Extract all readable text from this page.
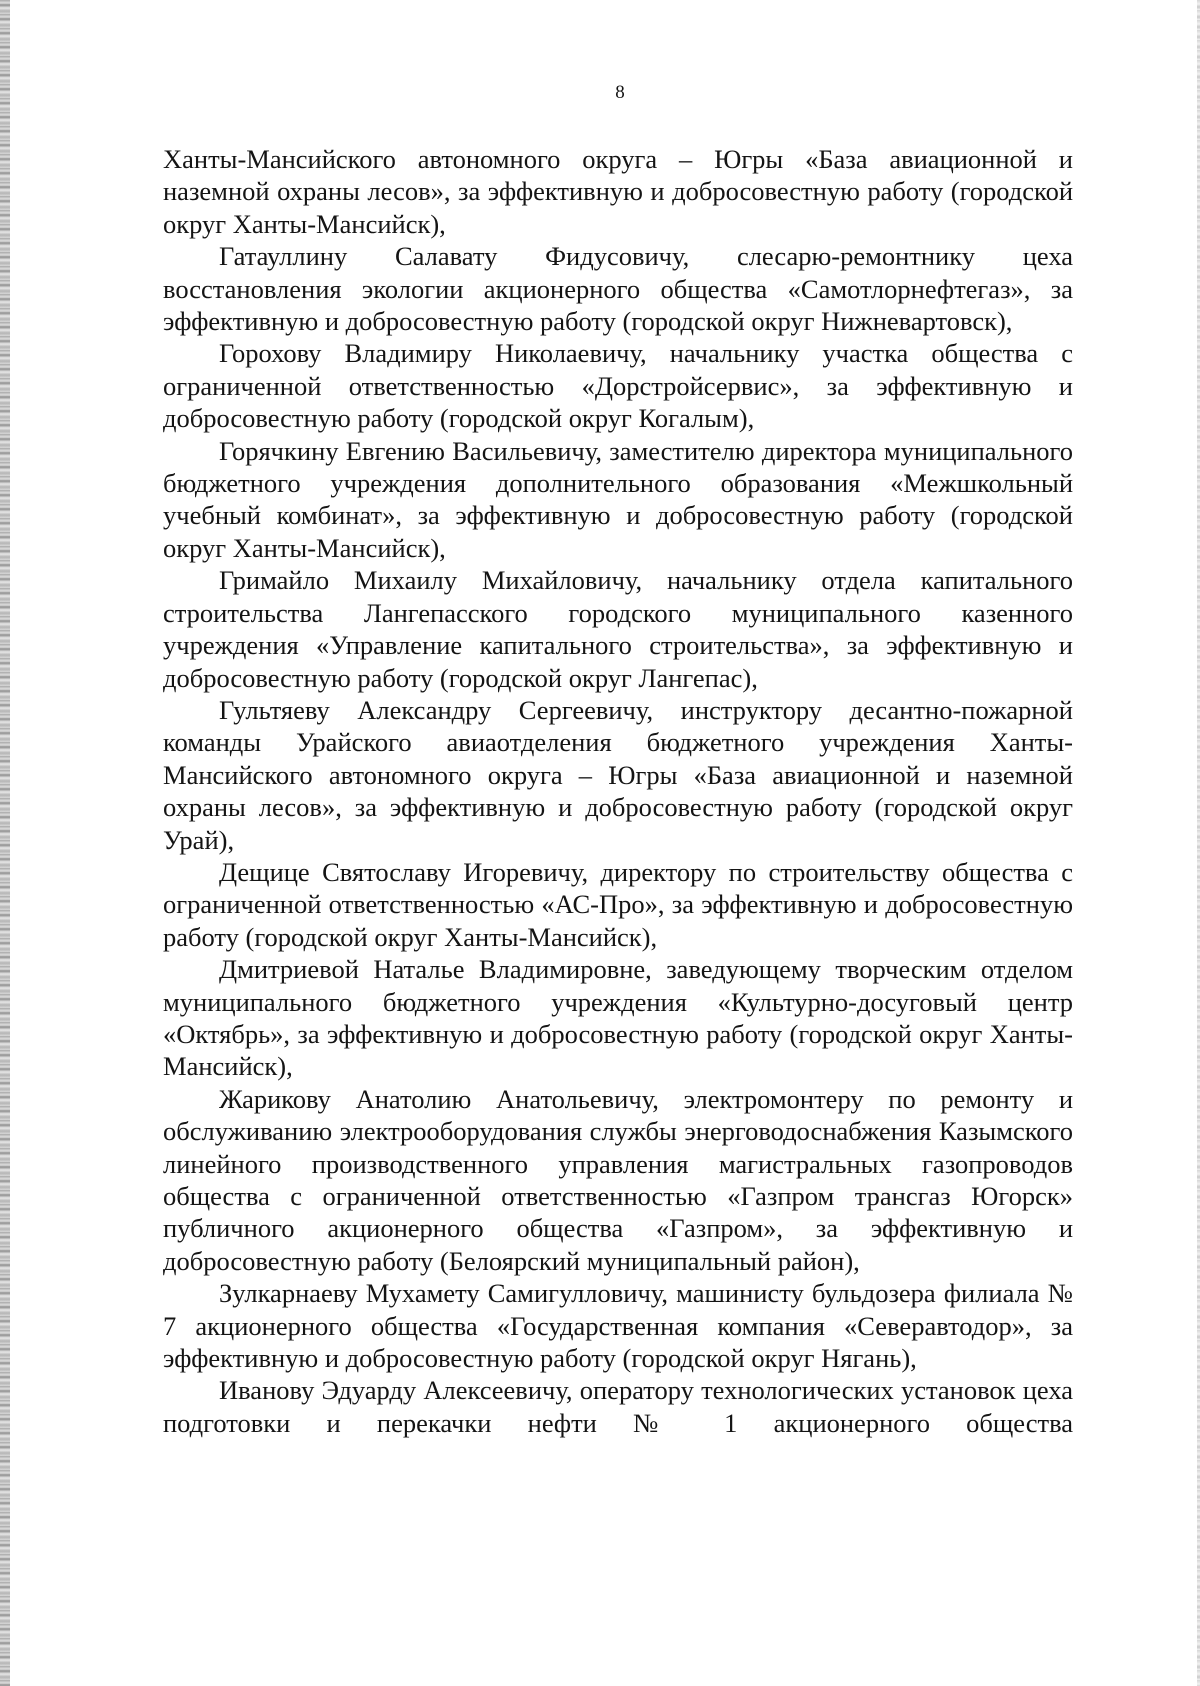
8

Ханты-Мансийского автономного округа – Югры «База авиационной и наземной охраны лесов», за эффективную и добросовестную работу (городской округ Ханты-Мансийск),

Гатауллину Салавату Фидусовичу, слесарю-ремонтнику цеха восстановления экологии акционерного общества «Самотлорнефтегаз», за эффективную и добросовестную работу (городской округ Нижневартовск),

Горохову Владимиру Николаевичу, начальнику участка общества с ограниченной ответственностью «Дорстройсервис», за эффективную и добросовестную работу (городской округ Когалым),

Горячкину Евгению Васильевичу, заместителю директора муниципального бюджетного учреждения дополнительного образования «Межшкольный учебный комбинат», за эффективную и добросовестную работу (городской округ Ханты-Мансийск),

Гримайло Михаилу Михайловичу, начальнику отдела капитального строительства Лангепасского городского муниципального казенного учреждения «Управление капитального строительства», за эффективную и добросовестную работу (городской округ Лангепас),

Гультяеву Александру Сергеевичу, инструктору десантно-пожарной команды Урайского авиаотделения бюджетного учреждения Ханты-Мансийского автономного округа – Югры «База авиационной и наземной охраны лесов», за эффективную и добросовестную работу (городской округ Урай),

Дещице Святославу Игоревичу, директору по строительству общества с ограниченной ответственностью «АС-Про», за эффективную и добросовестную работу (городской округ Ханты-Мансийск),

Дмитриевой Наталье Владимировне, заведующему творческим отделом муниципального бюджетного учреждения «Культурно-досуговый центр «Октябрь», за эффективную и добросовестную работу (городской округ Ханты-Мансийск),

Жарикову Анатолию Анатольевичу, электромонтеру по ремонту и обслуживанию электрооборудования службы энерговодоснабжения Казымского линейного производственного управления магистральных газопроводов общества с ограниченной ответственностью «Газпром трансгаз Югорск» публичного акционерного общества «Газпром», за эффективную и добросовестную работу (Белоярский муниципальный район),

Зулкарнаеву Мухамету Самигулловичу, машинисту бульдозера филиала № 7 акционерного общества «Государственная компания «Северавтодор», за эффективную и добросовестную работу (городской округ Нягань),

Иванову Эдуарду Алексеевичу, оператору технологических установок цеха подготовки и перекачки нефти № 1 акционерного общества
